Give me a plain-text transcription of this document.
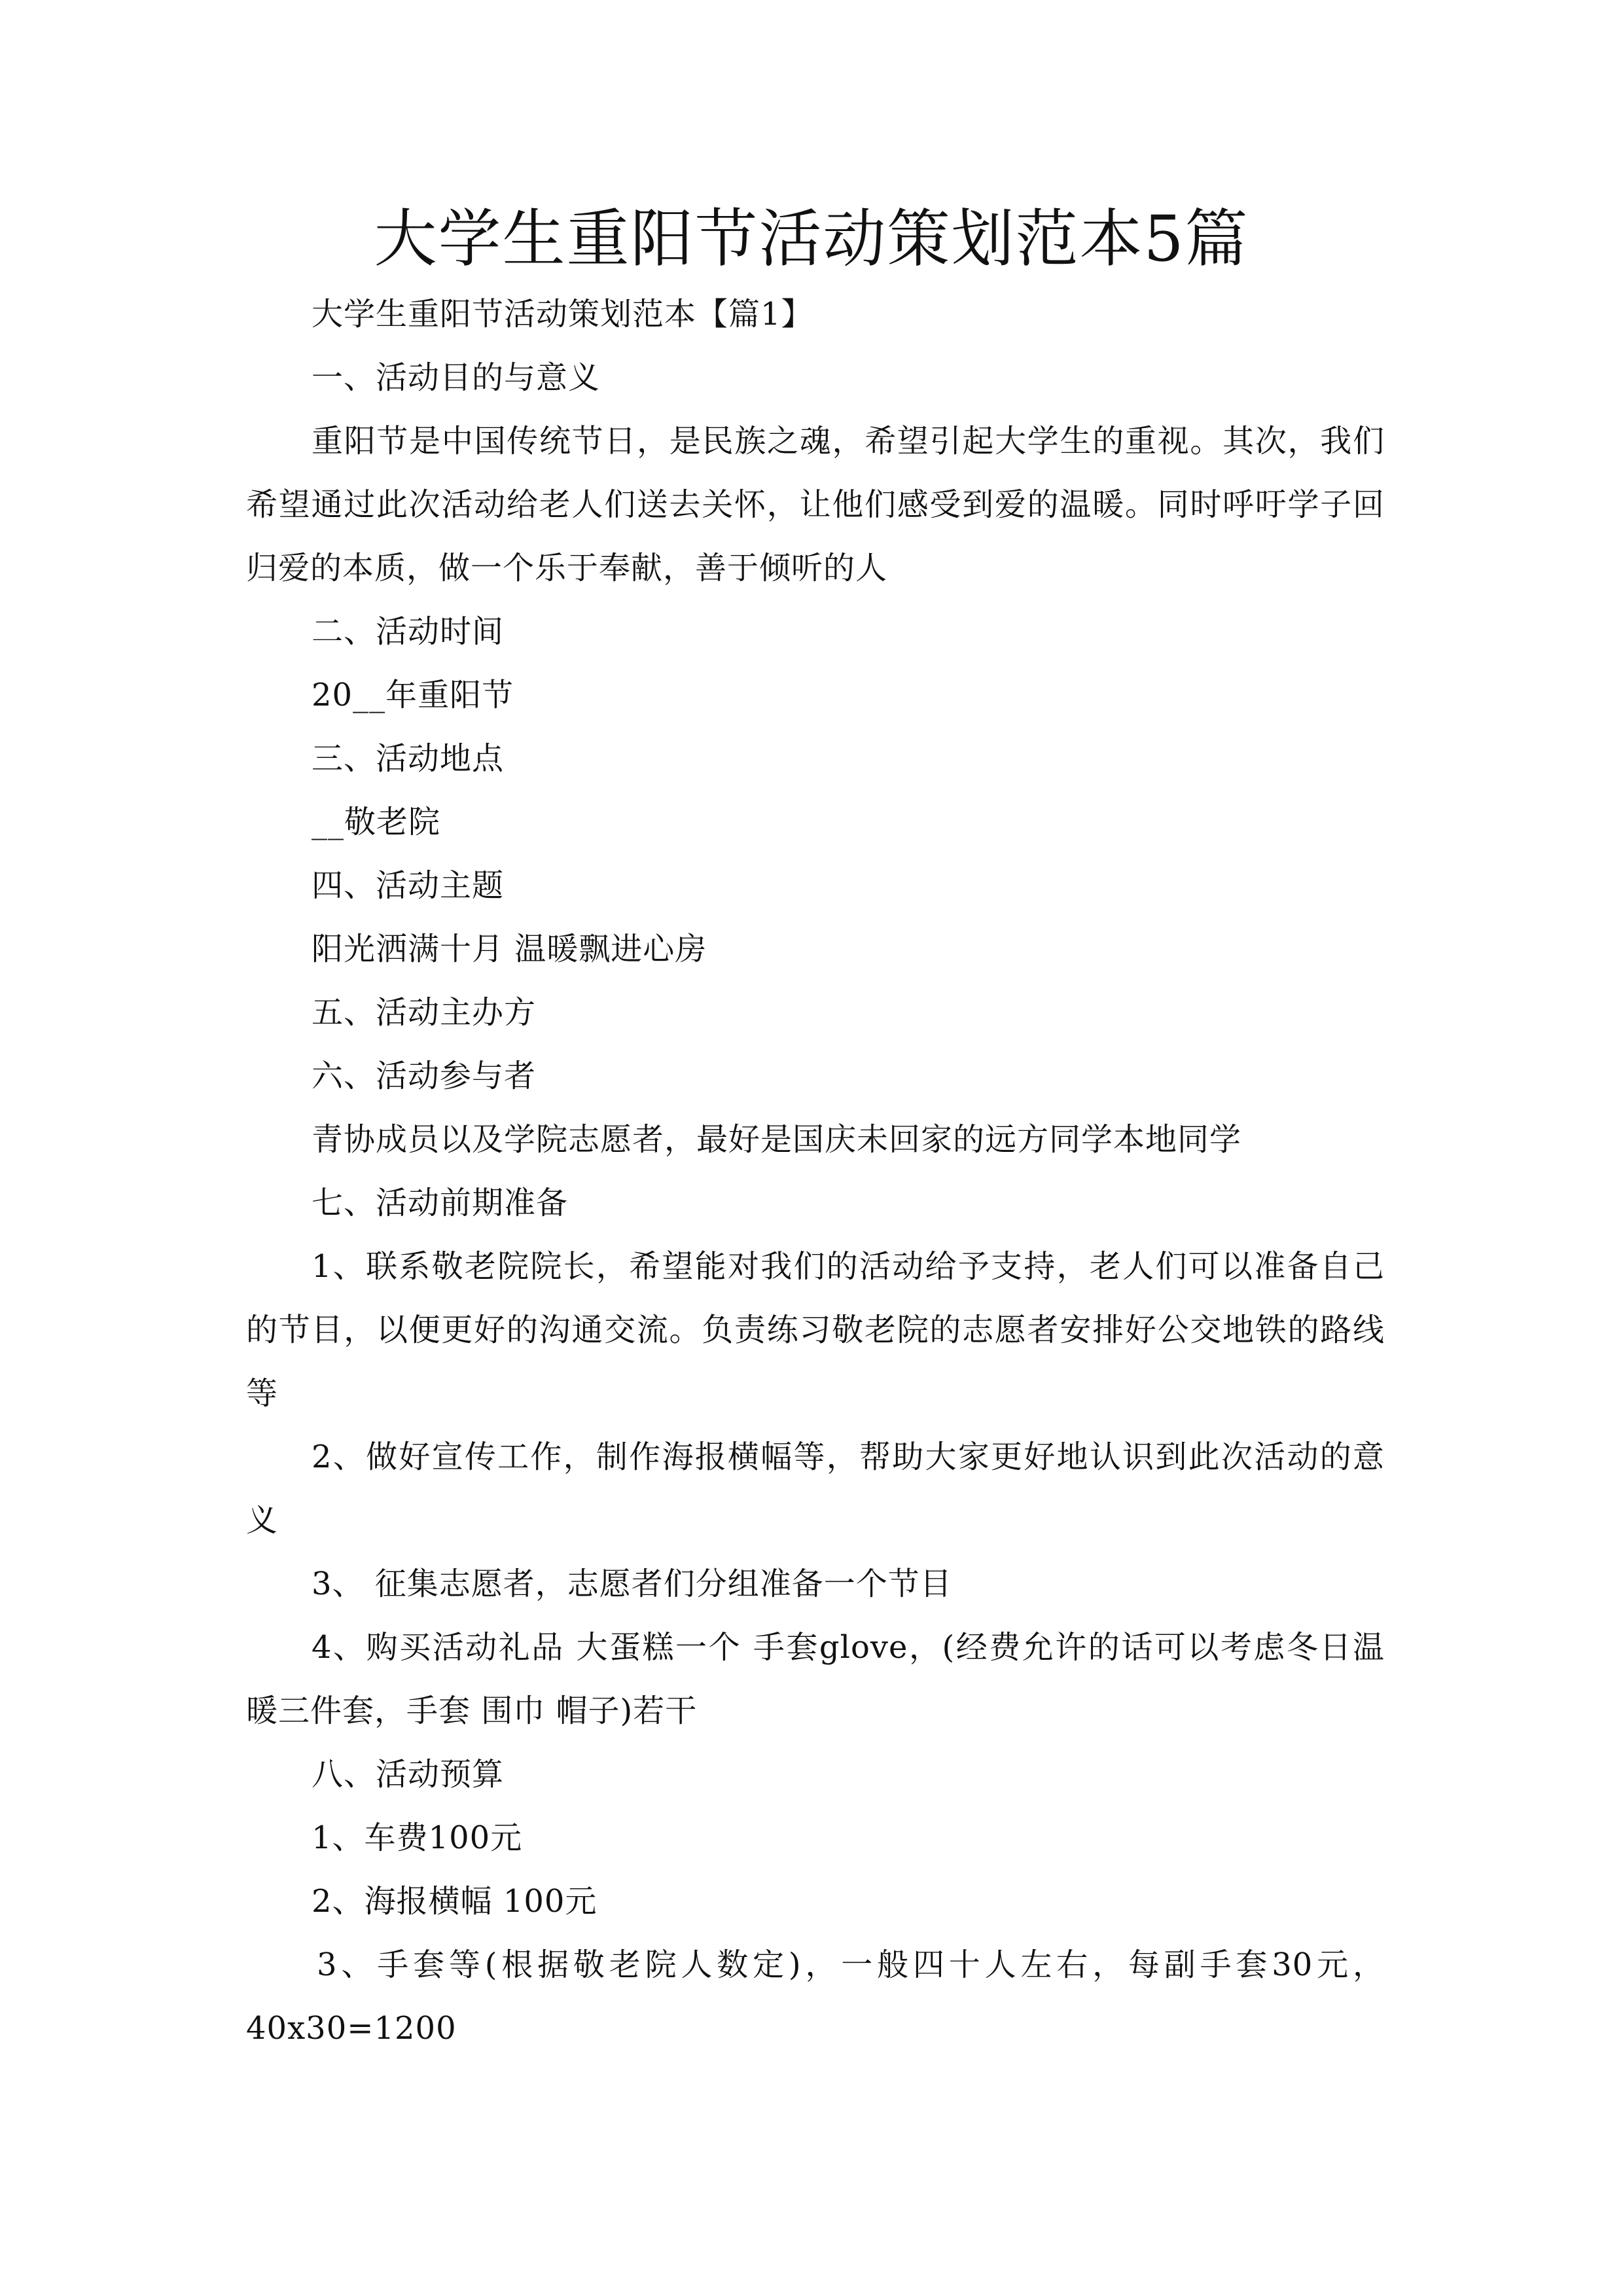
大学生重阳节活动策划范本5篇

大学生重阳节活动策划范本【篇1】

一、活动目的与意义

重阳节是中国传统节日，是民族之魂，希望引起大学生的重视。其次，我们希望通过此次活动给老人们送去关怀，让他们感受到爱的温暖。同时呼吁学子回归爱的本质，做一个乐于奉献，善于倾听的人

二、活动时间

20__年重阳节

三、活动地点

__敬老院

四、活动主题

阳光洒满十月 温暖飘进心房

五、活动主办方

六、活动参与者

青协成员以及学院志愿者，最好是国庆未回家的远方同学本地同学

七、活动前期准备

1、联系敬老院院长，希望能对我们的活动给予支持，老人们可以准备自己的节目，以便更好的沟通交流。负责练习敬老院的志愿者安排好公交地铁的路线等

2、做好宣传工作，制作海报横幅等，帮助大家更好地认识到此次活动的意义

3、 征集志愿者，志愿者们分组准备一个节目

4、购买活动礼品 大蛋糕一个 手套glove，(经费允许的话可以考虑冬日温暖三件套，手套 围巾 帽子)若干

八、活动预算

1、车费100元

2、海报横幅 100元

3、手套等(根据敬老院人数定)，一般四十人左右，每副手套30元，40x30=1200
